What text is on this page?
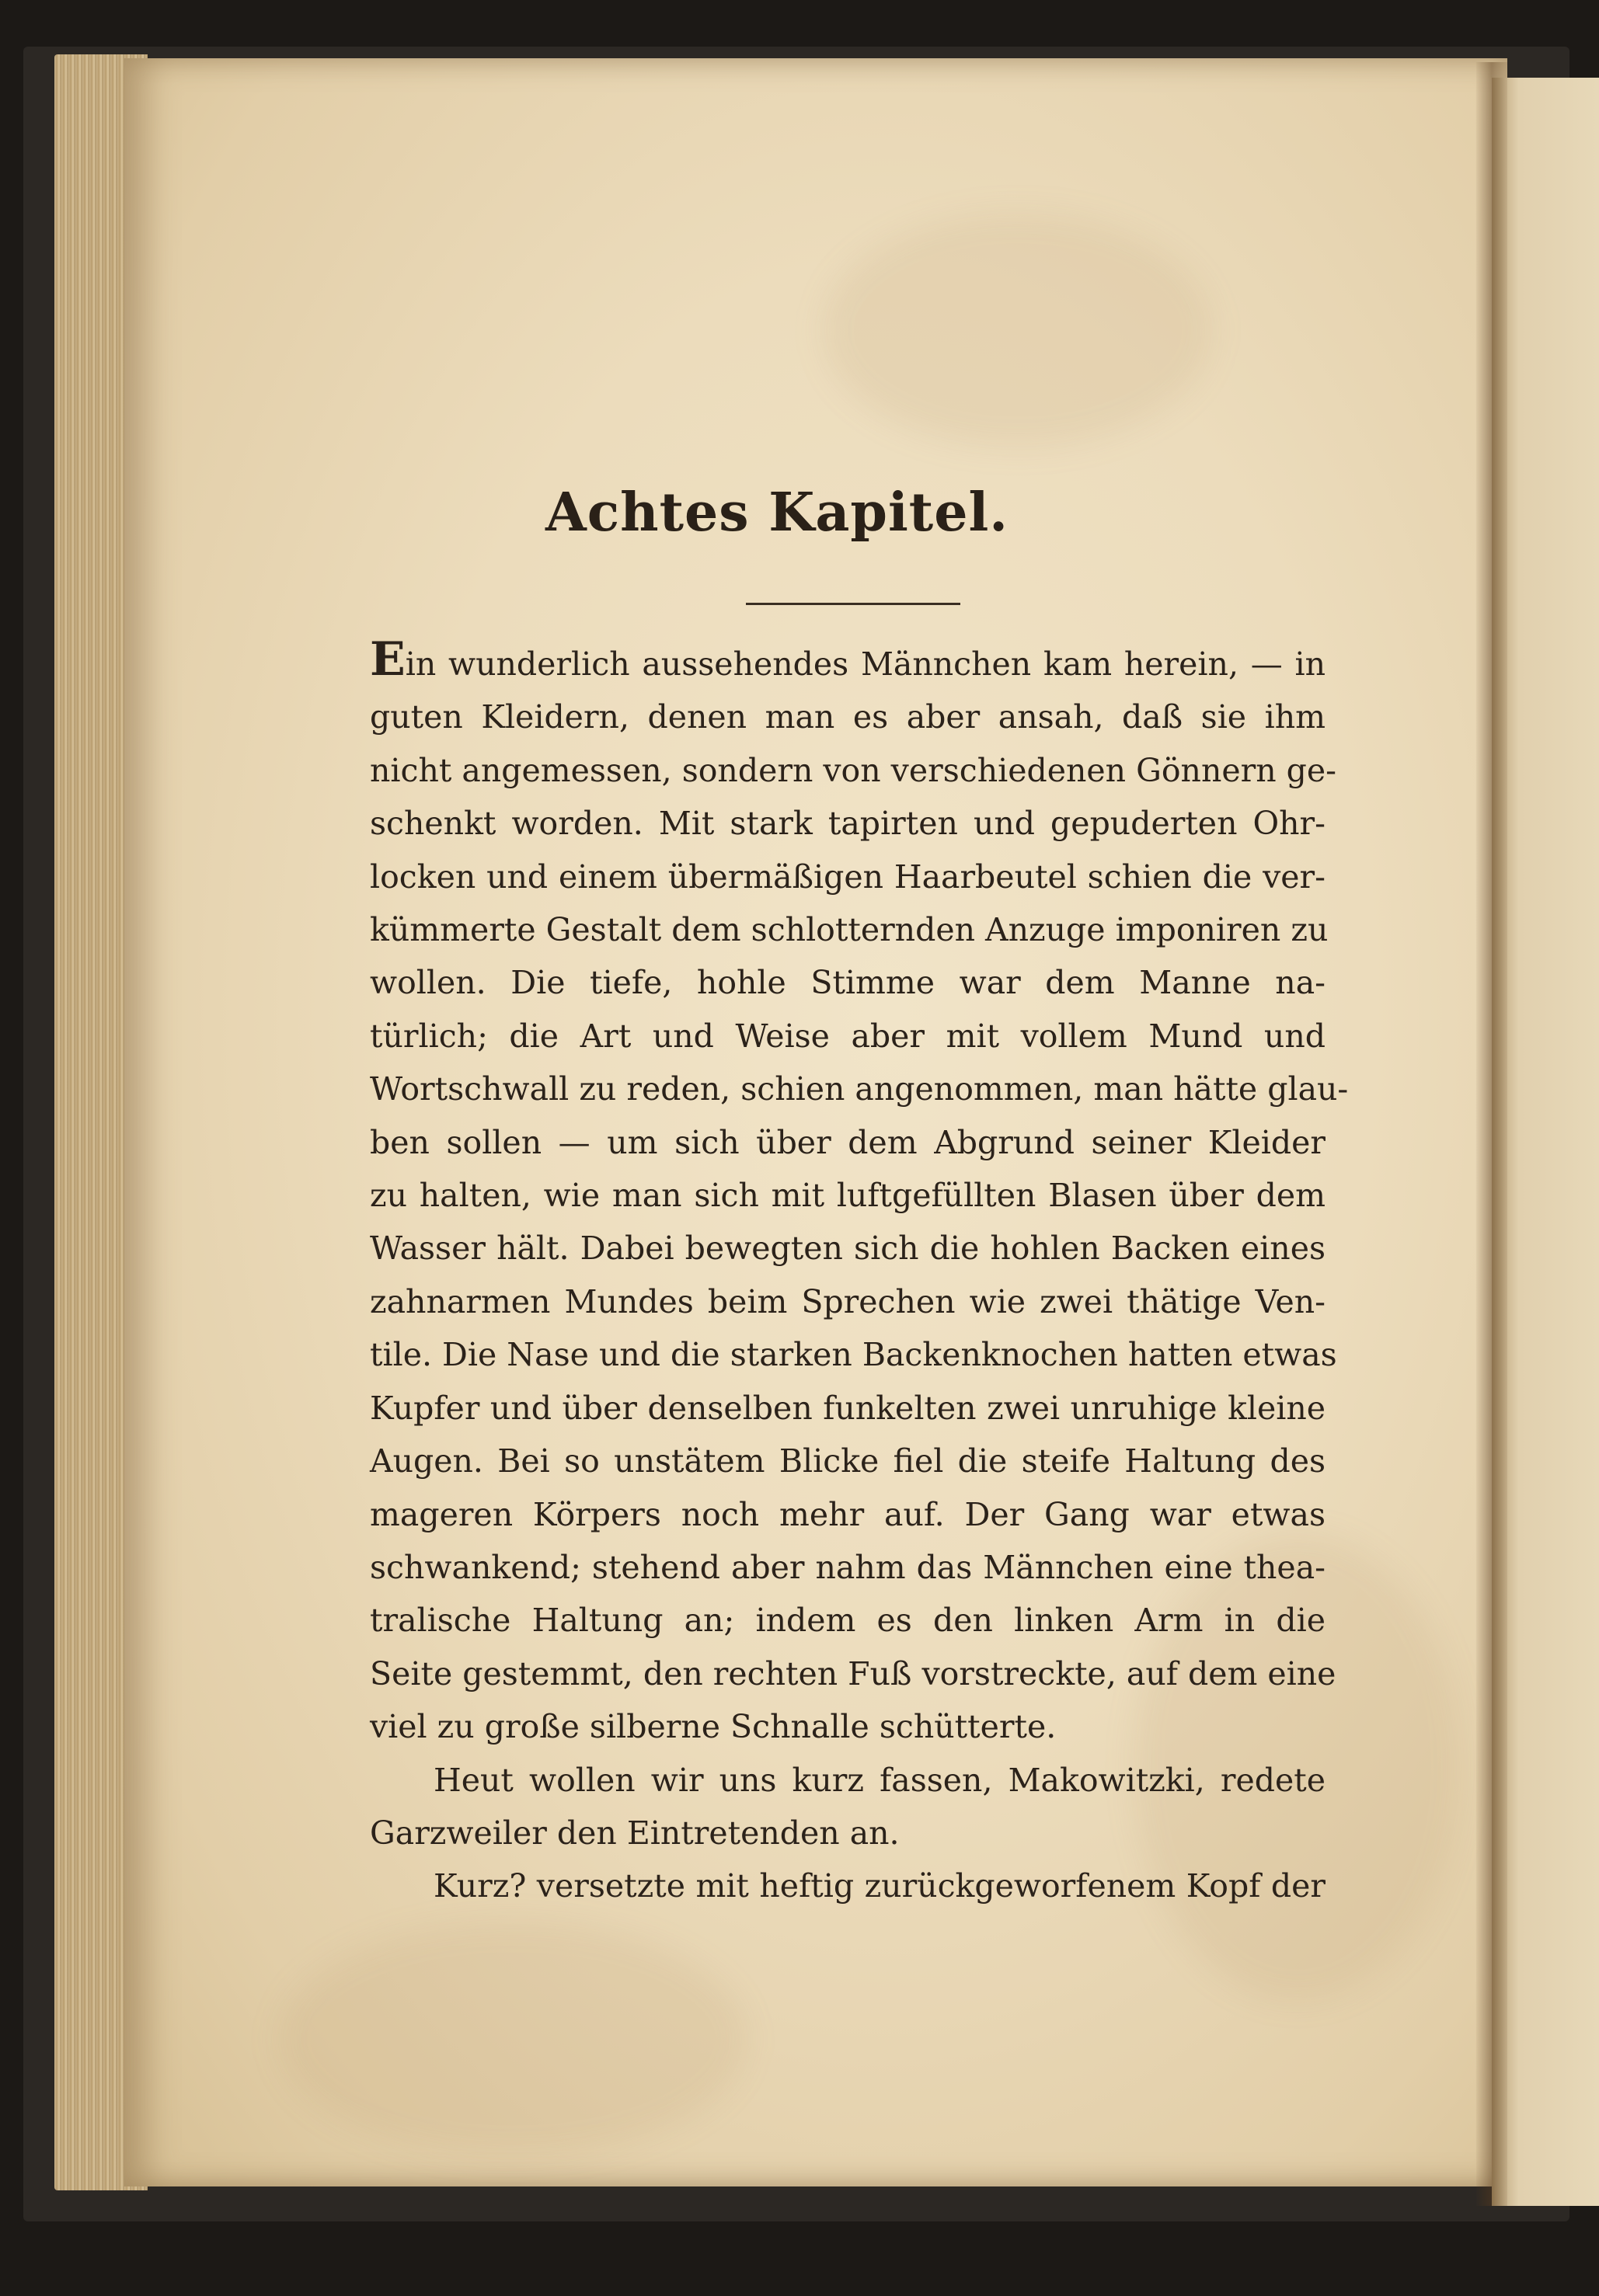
Achtes Kapitel.
Ein wunderlich aussehendes Männchen kam herein, — in
guten Kleidern, denen man es aber ansah, daß sie ihm
nicht angemessen, sondern von verschiedenen Gönnern ge-
schenkt worden. Mit stark tapirten und gepuderten Ohr-
locken und einem übermäßigen Haarbeutel schien die ver-
kümmerte Gestalt dem schlotternden Anzuge imponiren zu
wollen. Die tiefe, hohle Stimme war dem Manne na-
türlich; die Art und Weise aber mit vollem Mund und
Wortschwall zu reden, schien angenommen, man hätte glau-
ben sollen — um sich über dem Abgrund seiner Kleider
zu halten, wie man sich mit luftgefüllten Blasen über dem
Wasser hält. Dabei bewegten sich die hohlen Backen eines
zahnarmen Mundes beim Sprechen wie zwei thätige Ven-
tile. Die Nase und die starken Backenknochen hatten etwas
Kupfer und über denselben funkelten zwei unruhige kleine
Augen. Bei so unstätem Blicke fiel die steife Haltung des
mageren Körpers noch mehr auf. Der Gang war etwas
schwankend; stehend aber nahm das Männchen eine thea-
tralische Haltung an; indem es den linken Arm in die
Seite gestemmt, den rechten Fuß vorstreckte, auf dem eine
viel zu große silberne Schnalle schütterte.
Heut wollen wir uns kurz fassen, Makowitzki, redete
Garzweiler den Eintretenden an.
Kurz? versetzte mit heftig zurückgeworfenem Kopf der
